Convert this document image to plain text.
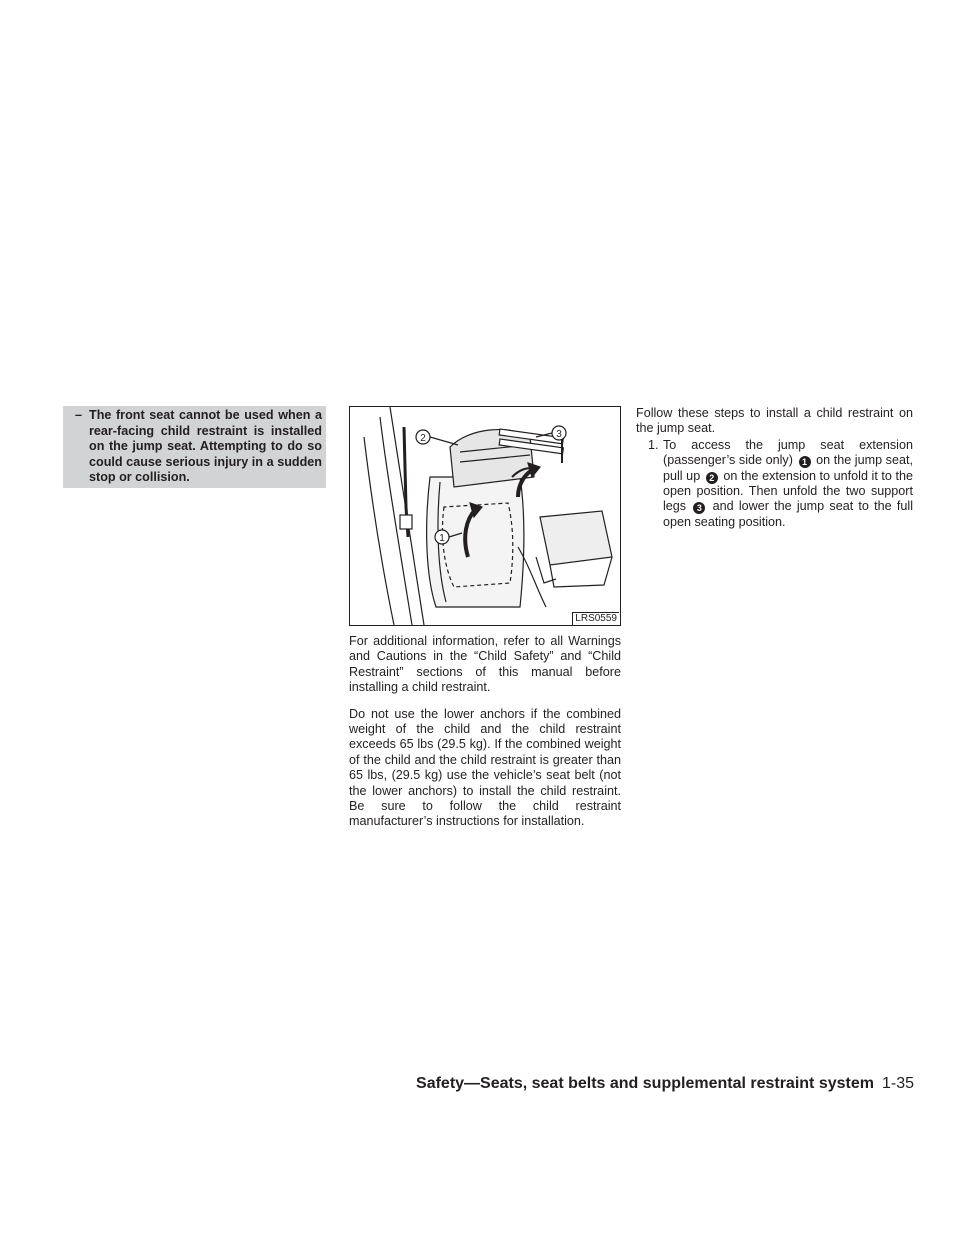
– The front seat cannot be used when a rear-facing child restraint is installed on the jump seat. Attempting to do so could cause serious injury in a sudden stop or collision.
2	3
1
LRS0559

For additional information, refer to all Warnings and Cautions in the “Child Safety” and “Child Restraint” sections of this manual before installing a child restraint.

Do not use the lower anchors if the combined weight of the child and the child restraint exceeds 65 lbs (29.5 kg). If the combined weight of the child and the child restraint is greater than 65 lbs, (29.5 kg) use the vehicle’s seat belt (not the lower anchors) to install the child restraint. Be sure to follow the child restraint manufacturer’s instructions for installation.

Follow these steps to install a child restraint on the jump seat.

1. To access the jump seat extension (passenger’s side only) 1 on the jump seat, pull up 2 on the extension to unfold it to the open position. Then unfold the two support legs 3 and lower the jump seat to the full open seating position.
Safety—Seats, seat belts and supplemental restraint system 1-35
